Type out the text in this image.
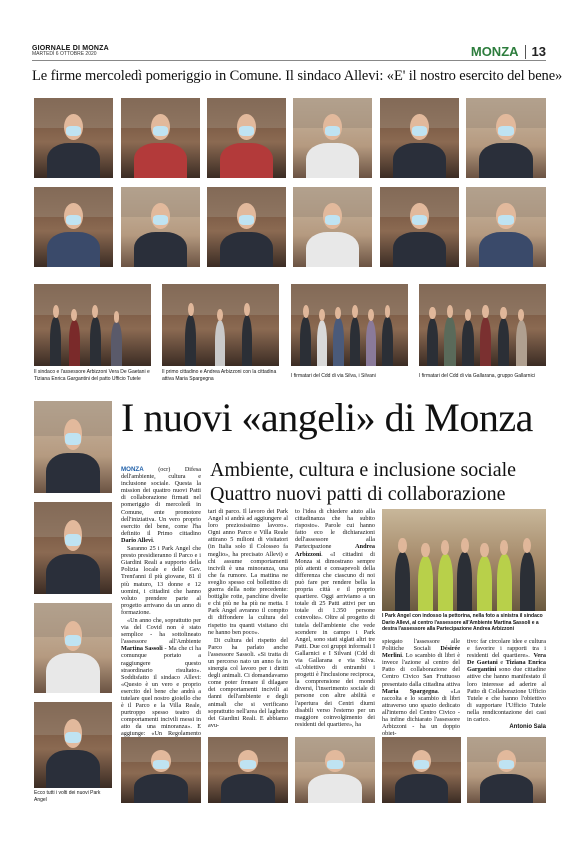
GIORNALE DI MONZA
MARTEDÌ 6 OTTOBRE 2020	MONZA 13
Le firme mercoledì pomeriggio in Comune. Il sindaco Allevi: «E' il nostro esercito del bene»
Il sindaco e l'assessore Arbizzoni Vera De Gaetani e Tiziana Enrica Gargantini del patto Ufficio Tutele
Il primo cittadino e Andrea Arbizzoni con la cittadina attiva Maria Spargegna	I firmatari del Cdd di via Silva, i Silvani	I firmatari del Cdd di via Gallarana, gruppo Gallarnici
Ecco tutti i volti dei nuovi Park Angel
I nuovi «angeli» di Monza
Ambiente, cultura e inclusione sociale
Quattro nuovi patti di collaborazione

MONZA (ocr) Difesa dell'ambiente, cultura e inclusione sociale. Questa la mission dei quattro nuovi Patti di collaborazione firmati nel pomeriggio di mercoledì in Comune, ente promotore dell'iniziativa. Un vero proprio esercito del bene, come l'ha definito il Primo cittadino Dario Allevi.

Saranno 25 i Park Angel che presto presidieranno il Parco e i Giardini Reali a supporto della Polizia locale e delle Gev. Trent'anni il più giovane, 81 il più maturo, 13 donne e 12 uomini, i cittadini che hanno voluto prendere parte al progetto arrivano da un anno di formazione.

«Un anno che, soprattutto per via del Covid non è stato semplice - ha sottolineato l'assessore all'Ambiente Martina Sassoli - Ma che ci ha comunque portato a raggiungere questo straordinario risultato». Soddisfatto il sindaco Allevi: «Questo è un vero e proprio esercito del bene che andrà a tutelare quel nostro gioiello che è il Parco e la Villa Reale, purtroppo spesso teatro di comportamenti incivili messi in atto da una minoranza». E aggiunge: «Un Regolamento

tari di parco. Il lavoro dei Park Angel si andrà ad aggiungere al loro preziosissimo lavoro». Ogni anno Parco e Villa Reale attirano 5 milioni di visitatori (in Italia solo il Colosseo fa meglio», ha precisato Allevi) e chi assume comportamenti incivili è una minoranza, una che fa rumore. La mattina ne sveglio spesso col bollettino di guerra della notte precedente: bottiglie rotte, panchine divelte e chi più ne ha più ne metta. I Park Angel avranno il compito di diffondere la cultura del rispetto tra quanti visitano chi ne hanno ben poco».

Di cultura del rispetto del Parco ha parlato anche l'assessore Sassoli. «Si tratta di un percorso nato un anno fa in sinergia col lavoro per i diritti degli animali. Ci domandavamo come poter frenare il dilagare dei comportamenti incivili ai danni dell'ambiente e degli animali che si verificano soprattutto nell'area del laghetto dei Giardini Reali. E abbiamo avu-

to l'idea di chiedere aiuto alla cittadinanza che ha subito risposto». Parole cui hanno fatto eco le dichiarazioni dell'assessore alla Partecipazione	Andrea Arbizzoni. «I cittadini di Monza si dimostrano sempre più attenti e consapevoli della differenza che ciascuno di noi può fare per rendere bella la propria città e il proprio quartiere. Oggi arriviamo a un totale di 25 Patti attivi per un totale di 1.350 persone coinvolte». Oltre al progetto di tutela dell'ambiente che vede scendere in campo i Park Angel, sono stati siglati altri tre Patti. Due coi gruppi informali I Gallarnici e I Silvani (Cdd di via Gallarana e via Silva. «L'obiettivo di entrambi i progetti è l'inclusione reciproca, la comprensione dei mondi diversi, l'inserimento sociale di persone con altre abilità e l'apertura dei Centri diurni disabili verso l'esterno per un maggiore coinvolgimento dei residenti del quartiere», ha

I Park Angel con indosso la pettorina, nella foto a sinistra il sindaco Dario Allevi, al centro l'assessore all'Ambiente Martina Sassoli e a destra l'assessore alla Partecipazione Andrea Arbizzoni

spiegato l'assessore alle Politiche Sociali Désirée Merlini. Lo scambio di libri è invece l'azione al centro del Patto di collaborazione del Centro Civico San Fruttuoso presentato dalla cittadina attiva Maria Spargegna. «La raccolta e lo scambio di libri attraverso uno spazio dedicato all'interno del Centro Civico - ha infine dichiarato l'assessore Arbizzoni - ha un doppio obiet-

tivo: far circolare idee e cultura e favorire i rapporti tra i residenti del quartiere». Vera De Gaetani e Tiziana Enrica Gargantini sono due cittadine attive che hanno manifestato il loro interesse ad aderire al Patto di Collaborazione Ufficio Tutele e che hanno l'obiettivo di supportare l'Ufficio Tutele nella rendicontazione dei casi in carico.

Antonio Sala
